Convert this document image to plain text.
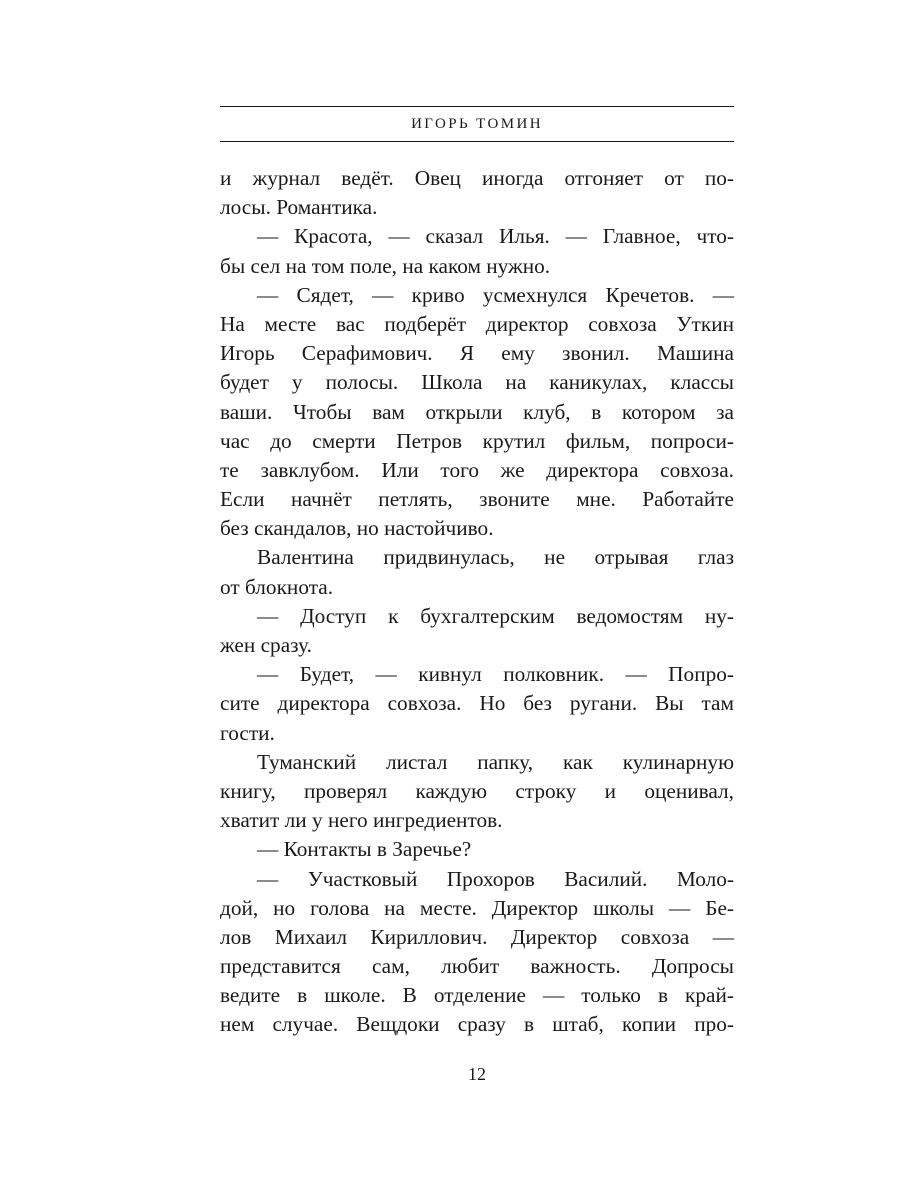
ИГОРЬ ТОМИН
и журнал ведёт. Овец иногда отгоняет от по-
лосы. Романтика.
— Красота, — сказал Илья. — Главное, что-
бы сел на том поле, на каком нужно.
— Сядет, — криво усмехнулся Кречетов. —
На месте вас подберёт директор совхоза Уткин
Игорь Серафимович. Я ему звонил. Машина
будет у полосы. Школа на каникулах, классы
ваши. Чтобы вам открыли клуб, в котором за
час до смерти Петров крутил фильм, попроси-
те завклубом. Или того же директора совхоза.
Если начнёт петлять, звоните мне. Работайте
без скандалов, но настойчиво.
Валентина придвинулась, не отрывая глаз
от блокнота.
— Доступ к бухгалтерским ведомостям ну-
жен сразу.
— Будет, — кивнул полковник. — Попро-
сите директора совхоза. Но без ругани. Вы там
гости.
Туманский листал папку, как кулинарную
книгу, проверял каждую строку и оценивал,
хватит ли у него ингредиентов.
— Контакты в Заречье?
— Участковый Прохоров Василий. Моло-
дой, но голова на месте. Директор школы — Бе-
лов Михаил Кириллович. Директор совхоза —
представится сам, любит важность. Допросы
ведите в школе. В отделение — только в край-
нем случае. Вещдоки сразу в штаб, копии про-
12
